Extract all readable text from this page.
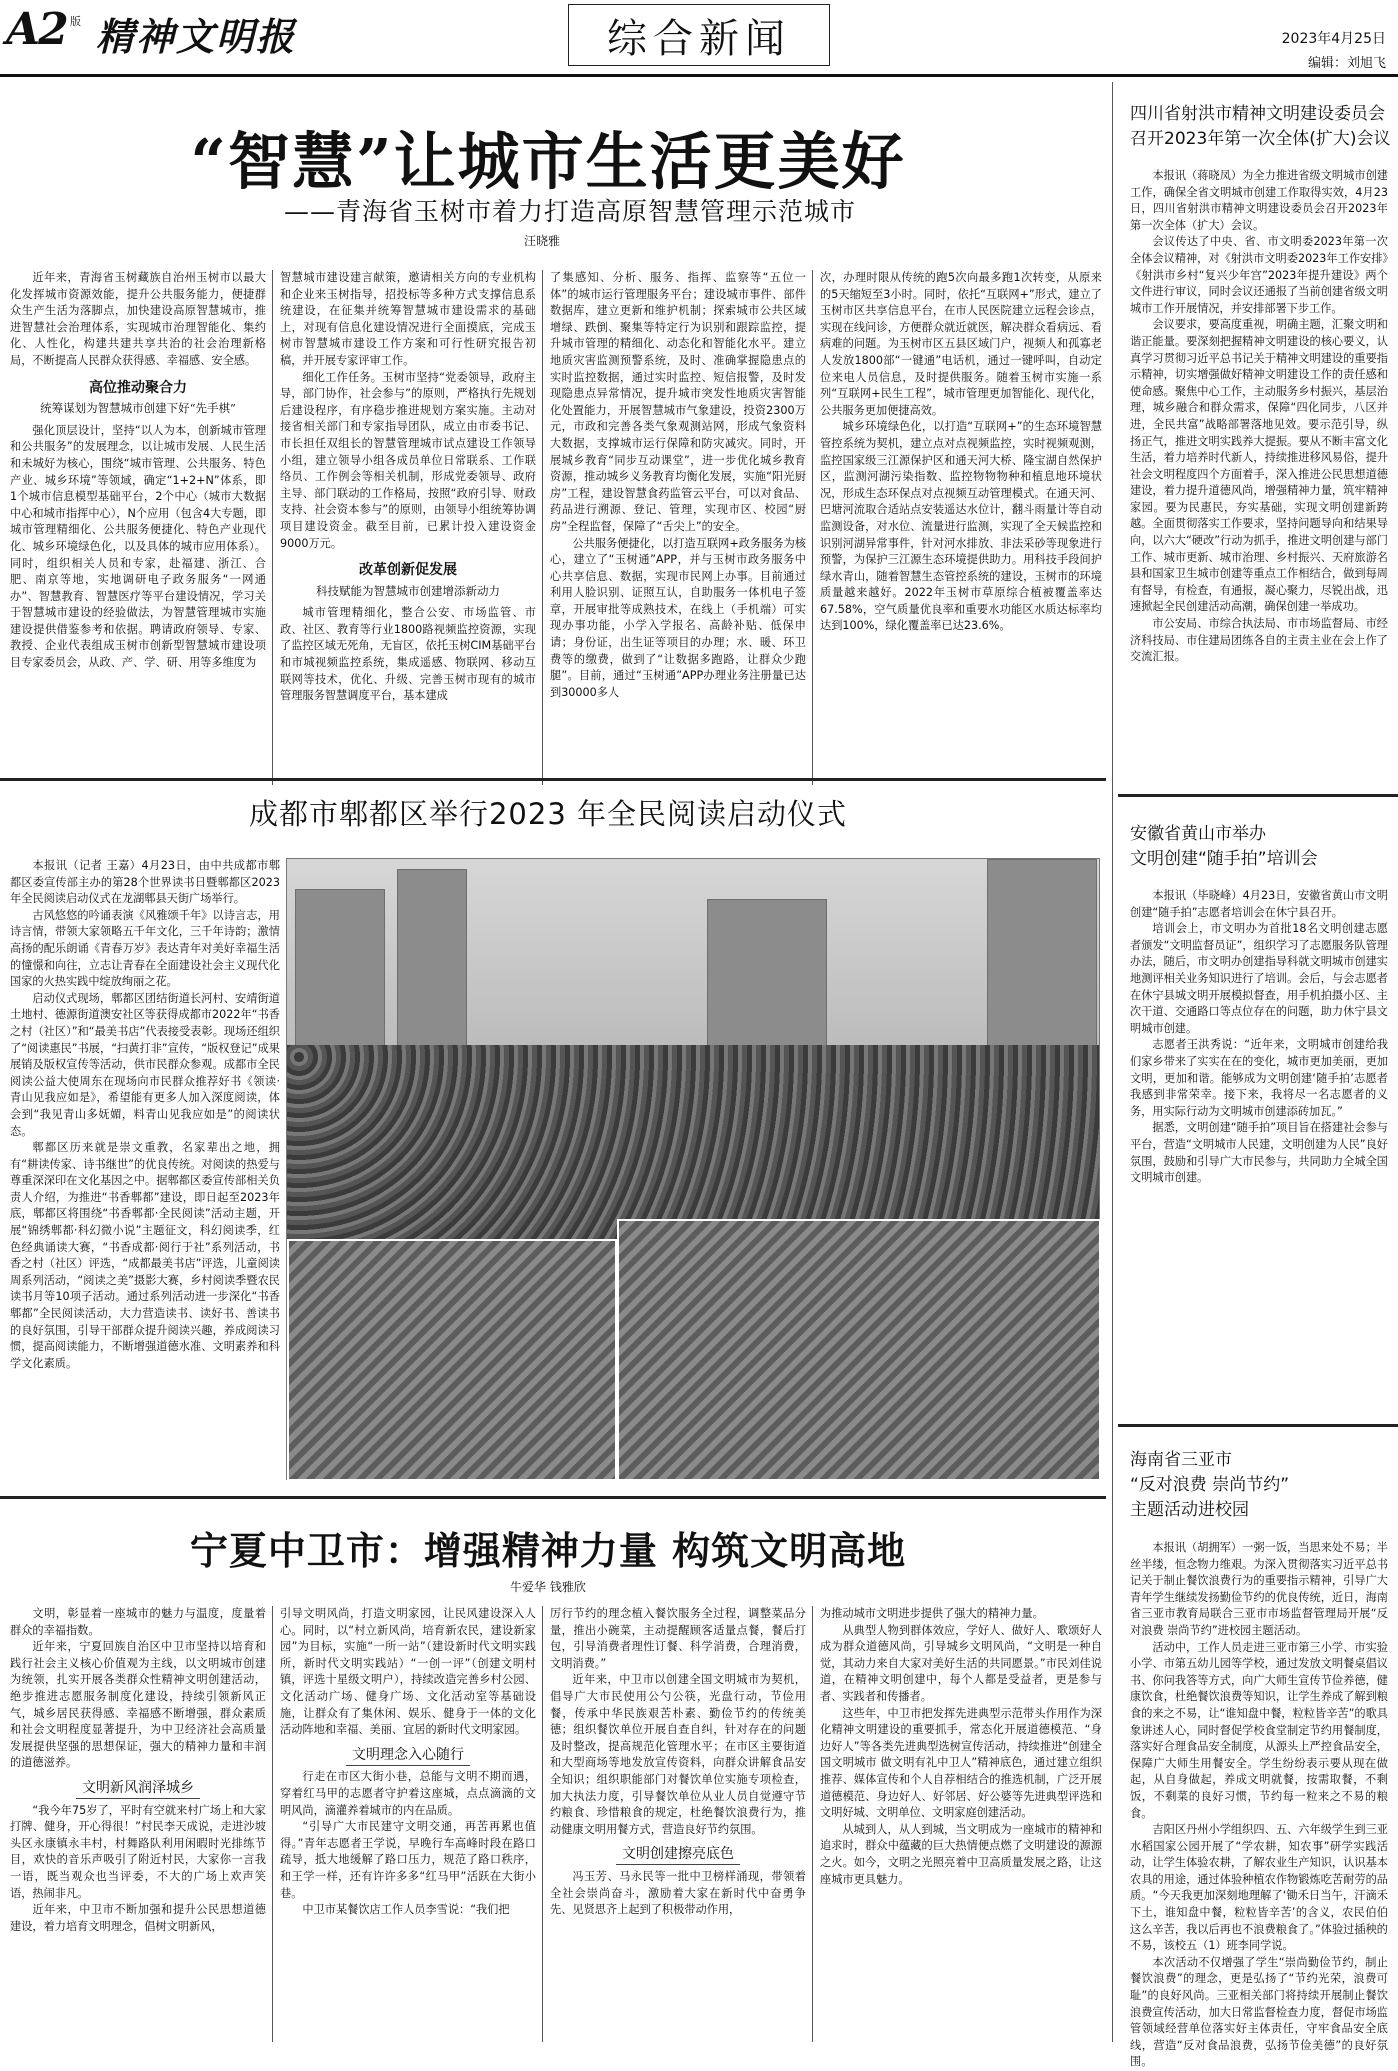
A2 版 精神文明报	综合新闻	2023年4月25日
编辑：刘旭飞
“智慧”让城市生活更美好
——青海省玉树市着力打造高原智慧管理示范城市
汪晓雅

近年来，青海省玉树藏族自治州玉树市以最大化发挥城市资源效能，提升公共服务能力，便捷群众生产生活为落脚点，加快建设高原智慧城市，推进智慧社会治理体系，实现城市治理智能化、集约化、人性化，构建共建共享共治的社会治理新格局，不断提高人民群众获得感、幸福感、安全感。

高位推动聚合力

统筹谋划为智慧城市创建下好“先手棋”

强化顶层设计，坚持“以人为本，创新城市管理和公共服务”的发展理念，以让城市发展、人民生活和未城好为核心，围绕“城市管理、公共服务、特色产业、城乡环境”等领域，确定“1+2+N”体系，即1个城市信息模型基础平台，2个中心（城市大数据中心和城市指挥中心），N个应用（包含4大专题，即城市管理精细化、公共服务便捷化、特色产业现代化、城乡环境绿色化，以及具体的城市应用体系）。同时，组织相关人员和专家，赴福建、浙江、合肥、南京等地，实地调研电子政务服务“一网通办”、智慧教育、智慧医疗等平台建设情况，学习关于智慧城市建设的经验做法，为智慧管理城市实施建设提供借鉴参考和依据。聘请政府领导、专家、教授、企业代表组成玉树市创新型智慧城市建设项目专家委员会，从政、产、学、研、用等多维度为

智慧城市建设建言献策，邀请相关方向的专业机构和企业来玉树指导，招投标等多种方式支撑信息系统建设，在征集并统筹智慧城市建设需求的基础上，对现有信息化建设情况进行全面摸底，完成玉树市智慧城市建设工作方案和可行性研究报告初稿，并开展专家评审工作。

细化工作任务。玉树市坚持“党委领导，政府主导，部门协作，社会参与”的原则，严格执行先规划后建设程序，有序稳步推进规划方案实施。主动对接省相关部门和专家指导团队，成立由市委书记、市长担任双组长的智慧管理城市试点建设工作领导小组，建立领导小组各成员单位日常联系、工作联络员、工作例会等相关机制，形成党委领导、政府主导、部门联动的工作格局，按照“政府引导、财政支持、社会资本参与”的原则，由领导小组统筹协调项目建设资金。截至目前，已累计投入建设资金9000万元。

改革创新促发展

科技赋能为智慧城市创建增添新动力

城市管理精细化，整合公安、市场监管、市政、社区、教育等行业1800路视频监控资源，实现了监控区域无死角，无盲区，依托玉树CIM基础平台和市城视频监控系统，集成遥感、物联网、移动互联网等技术，优化、升级、完善玉树市现有的城市管理服务智慧调度平台，基本建成

了集感知、分析、服务、指挥、监察等“五位一体”的城市运行管理服务平台；建设城市事件、部件数据库，建立更新和维护机制；探索城市公共区域增绿、跌倒、聚集等特定行为识别和跟踪监控，提升城市管理的精细化、动态化和智能化水平。建立地质灾害监测预警系统，及时、准确掌握隐患点的实时监控数据，通过实时监控、短信报警，及时发现隐患点异常情况，提升城市突发性地质灾害智能化处置能力，开展智慧城市气象建设，投资2300万元，市政和完善各类气象观测站网，形成气象资料大数据，支撑城市运行保障和防灾减灾。同时，开展城乡教育“同步互动课堂”，进一步优化城乡教育资源，推动城乡义务教育均衡化发展，实施“阳光厨房”工程，建设智慧食药监管云平台，可以对食品、药品进行溯源、登记、管理，实现市区、校园“厨房”全程监督，保障了“舌尖上”的安全。

公共服务便捷化，以打造互联网+政务服务为核心，建立了“玉树通”APP，并与玉树市政务服务中心共享信息、数据，实现市民网上办事。目前通过利用人脸识别、证照互认，自助服务一体机电子签章，开展审批等成熟技术，在线上（手机端）可实现办事功能，小学入学报名、高龄补贴、低保申请；身份证，出生证等项目的办理；水、暖、环卫费等的缴费，做到了“让数据多跑路，让群众少跑腿”。目前，通过“玉树通”APP办理业务注册量已达到30000多人

次，办理时限从传统的跑5次向最多跑1次转变，从原来的5天缩短至3小时。同时，依托“互联网+”形式，建立了玉树市区共享信息平台，在市人民医院建立远程会诊点，实现在线问诊，方便群众就近就医，解决群众看病远、看病难的问题。为玉树市区五县区域门户，视频人和孤寡老人发放1800部“一键通”电话机，通过一键呼叫，自动定位来电人员信息，及时提供服务。随着玉树市实施一系列“互联网+民生工程”，城市管理更加智能化、现代化，公共服务更加便捷高效。

城乡环境绿色化，以打造“互联网+”的生态环境智慧管控系统为契机，建立点对点视频监控，实时视频观测，监控国家级三江源保护区和通天河大桥、隆宝湖自然保护区，监测河湖污染指数、监控物物物种和植息地环境状况，形成生态环保点对点视频互动管理模式。在通天河、巴塘河流取合适站点安装遥达水位计，翻斗雨量计等自动监测设备，对水位、流量进行监测，实现了全天候监控和识别河湖异常事件，针对河水排放、非法采砂等现象进行预警，为保护三江源生态环境提供助力。用科技手段间护绿水青山，随着智慧生态管控系统的建设，玉树市的环境质量越来越好。2022年玉树市草原综合植被覆盖率达67.58%，空气质量优良率和重要水功能区水质达标率均达到100%，绿化覆盖率已达23.6%。

成都市郫都区举行2023 年全民阅读启动仪式

本报讯（记者 王嘉）4月23日，由中共成都市郫都区委宣传部主办的第28个世界读书日暨郫都区2023年全民阅读启动仪式在龙湖郫县天街广场举行。

古风悠悠的吟诵表演《风雅颂千年》以诗言志，用诗言情，带领大家领略五千年文化，三千年诗韵；激情高扬的配乐朗诵《青春万岁》表达青年对美好幸福生活的憧憬和向往，立志让青春在全面建设社会主义现代化国家的火热实践中绽放绚丽之花。

启动仪式现场，郫都区团结街道长河村、安靖街道土地村、德源街道澳安社区等获得成都市2022年“书香之村（社区）”和“最美书店”代表接受表彰。现场还组织了“阅读惠民”书展，“扫黄打非”宣传，“版权登记”成果展销及版权宣传等活动，供市民群众参观。成都市全民阅读公益大使周东在现场向市民群众推荐好书《领读·青山见我应如是》，希望能有更多人加入深度阅读，体会到“我见青山多妩媚，料青山见我应如是”的阅读状态。

郫都区历来就是崇文重教，名家辈出之地，拥有“耕读传家、诗书继世”的优良传统。对阅读的热爱与尊重深深印在文化基因之中。据郫都区委宣传部相关负责人介绍，为推进“书香郫都”建设，即日起至2023年底，郫都区将围绕“书香郫都·全民阅读”活动主题，开展“锦绣郫都·科幻微小说”主题征文，科幻阅读季，红色经典诵读大赛，“书香成都·阅行于社”系列活动，书香之村（社区）评选，“成都最美书店”评选，儿童阅读周系列活动，“阅读之美”摄影大赛，乡村阅读季暨农民读书月等10项子活动。通过系列活动进一步深化“书香郫都”全民阅读活动，大力营造读书、读好书、善读书的良好氛围，引导干部群众提升阅读兴趣，养成阅读习惯，提高阅读能力，不断增强道德水准、文明素养和科学文化素质。

宁夏中卫市：增强精神力量 构筑文明高地
牛爱华 钱雅欣

文明，彰显着一座城市的魅力与温度，度量着群众的幸福指数。

近年来，宁夏回族自治区中卫市坚持以培育和践行社会主义核心价值观为主线，以文明城市创建为统领，扎实开展各类群众性精神文明创建活动，绝步推进志愿服务制度化建设，持续引领新风正气，城乡居民获得感、幸福感不断增强，群众素质和社会文明程度显著提升，为中卫经济社会高质量发展提供坚强的思想保证，强大的精神力量和丰润的道德滋养。

文明新风润泽城乡

“我今年75岁了，平时有空就来村广场上和大家打牌、健身，开心得很！”村民李天成说，走进沙坡头区永康镇永丰村，村舞路队利用闲暇时光排练节目，欢快的音乐声吸引了附近村民，大家你一言我一语，既当观众也当评委，不大的广场上欢声笑语，热闹非凡。

近年来，中卫市不断加强和提升公民思想道德建设，着力培育文明理念，倡树文明新风，

引导文明风尚，打造文明家园，让民风建设深入人心。同时，以“村立新风尚，培育新农民，建设新家园”为目标，实施“一所一站”（建设新时代文明实践所，新时代文明实践站）“一创一评”（创建文明村镇，评选十星级文明户），持续改造完善乡村公园、文化活动广场、健身广场、文化活动室等基础设施，让群众有了集休闲、娱乐、健身于一体的文化活动阵地和幸福、美丽、宜居的新时代文明家园。

文明理念入心随行

行走在市区大街小巷，总能与文明不期而遇，穿着红马甲的志愿者守护着这座城，点点滴滴的文明风尚，滴灌养着城市的内在品质。

“引导广大市民建守文明交通，再苦再累也值得。”青年志愿者王学说，早晚行车高峰时段在路口疏导，抵大地缓解了路口压力，规范了路口秩序，和王学一样，还有许许多多“红马甲”活跃在大街小巷。

中卫市某餐饮店工作人员李雪说：“我们把

厉行节约的理念植入餐饮服务全过程，调整菜品分量，推出小碗菜，主动提醒顾客适量点餐，餐后打包，引导消费者理性订餐、科学消费，合理消费，文明消费。”

近年来，中卫市以创建全国文明城市为契机，倡导广大市民使用公勺公筷，光盘行动，节俭用餐，传承中华民族艰苦朴素、勤俭节约的传统美德；组织餐饮单位开展自查自纠，针对存在的问题及时整改，提高规范化管理水平；在市区主要街道和大型商场等地发放宣传资料，向群众讲解食品安全知识；组织职能部门对餐饮单位实施专项检查，加大执法力度，引导餐饮单位从业人员自觉遵守节约粮食、珍惜粮食的规定，杜绝餐饮浪费行为，推动健康文明用餐方式，营造良好节约氛围。

文明创建擦亮底色

冯玉芳、马永民等一批中卫榜样涌现，带领着全社会崇尚奋斗，激励着大家在新时代中奋勇争先、见贤思齐上起到了积极带动作用，

为推动城市文明进步提供了强大的精神力量。

从典型人物到群体效应，学好人、做好人、歌颂好人成为群众道德风尚，引导城乡文明风尚，“文明是一种自觉，其动力来自大家对美好生活的共同愿景。”市民刘佳说道，在精神文明创建中，每个人都是受益者，更是参与者、实践者和传播者。

这些年，中卫市把发挥先进典型示范带头作用作为深化精神文明建设的重要抓手，常态化开展道德模范、“身边好人”等各类先进典型选树宣传活动，持续推进“创建全国文明城市 做文明有礼中卫人”精神底色，通过建立组织推荐、媒体宣传和个人自荐相结合的推选机制，广泛开展道德模范、身边好人、好邻居、好公婆等先进典型评选和文明好城、文明单位、文明家庭创建活动。

从城到人，从人到城，当文明成为一座城市的精神和追求时，群众中蕴藏的巨大热情便点燃了文明建设的源源之火。如今，文明之光照亮着中卫高质量发展之路，让这座城市更具魅力。

四川省射洪市精神文明建设委员会
召开2023年第一次全体(扩大)会议

本报讯（蒋晓凤）为全力推进省级文明城市创建工作，确保全省文明城市创建工作取得实效，4月23日，四川省射洪市精神文明建设委员会召开2023年第一次全体（扩大）会议。

会议传达了中央、省、市文明委2023年第一次全体会议精神，对《射洪市文明委2023年工作安排》《射洪市乡村“复兴少年宫”2023年提升建设》两个文件进行审议，同时会议还通报了当前创建省级文明城市工作开展情况，并安排部署下步工作。

会议要求，要高度重视，明确主题，汇聚文明和谐正能量。要深刻把握精神文明建设的核心要义，认真学习贯彻习近平总书记关于精神文明建设的重要指示精神，切实增强做好精神文明建设工作的责任感和使命感。聚焦中心工作，主动服务乡村振兴，基层治理，城乡融合和群众需求，保障“四化同步，八区并进，全民共富”战略部署落地见效。要示范引导，纵扬正气，推进文明实践养大提振。要从不断丰富文化生活，着力培养时代新人，持续推进移风易俗，提升社会文明程度四个方面着手，深入推进公民思想道德建设，着力提升道德风尚，增强精神力量，筑牢精神家园。要为民惠民，夯实基础，实现文明创建新跨越。全面贯彻落实工作要求，坚持问题导向和结果导向，以六大“硬改”行动为抓手，推进文明创建与部门工作、城市更新、城市治理、乡村振兴、天府旅游名县和国家卫生城市创建等重点工作相结合，做到每周有督导，有检查，有通报，凝心聚力，尽锐出战，迅速掀起全民创建活动高潮，确保创建一举成功。

市公安局、市综合执法局、市市场监督局、市经济科技局、市住建局团练各自的主责主业在会上作了交流汇报。

安徽省黄山市举办
文明创建“随手拍”培训会

本报讯（毕晓峰）4月23日，安徽省黄山市文明创建“随手拍”志愿者培训会在休宁县召开。

培训会上，市文明办为首批18名文明创建志愿者颁发“文明监督员证”，组织学习了志愿服务队管理办法，随后，市文明办创建指导科就文明城市创建实地测评相关业务知识进行了培训。会后，与会志愿者在休宁县城文明开展模拟督查，用手机拍摄小区、主次干道、交通路口等点位存在的问题，助力休宁县文明城市创建。

志愿者王洪秀说：“近年来，文明城市创建给我们家乡带来了实实在在的变化，城市更加美丽，更加文明，更加和谐。能够成为文明创建‘随手拍’志愿者我感到非常荣幸。接下来，我将尽一名志愿者的义务，用实际行动为文明城市创建添砖加瓦。”

据悉，文明创建“随手拍”项目旨在搭建社会参与平台，营造“文明城市人民建，文明创建为人民”良好氛围，鼓励和引导广大市民参与，共同助力全城全国文明城市创建。

海南省三亚市
“反对浪费 崇尚节约”
主题活动进校园

本报讯（胡拥军）一粥一饭，当思来处不易；半丝半缕，恒念物力维艰。为深入贯彻落实习近平总书记关于制止餐饮浪费行为的重要指示精神，引导广大青年学生继续发扬勤俭节约的优良传统，近日，海南省三亚市教育局联合三亚市市场监督管理局开展“反对浪费 崇尚节约”进校园主题活动。

活动中，工作人员走进三亚市第三小学、市实验小学、市第五幼儿园等学校，通过发放文明餐桌倡议书、你问我答等方式，向广大师生宣传节俭养德，健康饮食，杜绝餐饮浪费等知识，让学生养成了解到粮食的来之不易，让“谁知盘中餐，粒粒皆辛苦”的歌具象讲述人心，同时督促学校食堂制定节约用餐制度，落实好合理食品安全制度，从源头上严控食品安全，保障广大师生用餐安全。学生纷纷表示要从现在做起，从自身做起，养成文明就餐，按需取餐，不剩饭，不剩菜的良好习惯，节约每一粒来之不易的粮食。

吉阳区丹州小学组织四、五、六年级学生到三亚水稻国家公园开展了“学农耕，知农事”研学实践活动，让学生体验农耕，了解农业生产知识，认识基本农具的用途，通过体验种植农作物锻炼吃苦耐劳的品质。“今天我更加深刻地理解了‘锄禾日当午，汗滴禾下土，谁知盘中餐，粒粒皆辛苦’的含义，农民伯伯这么辛苦，我以后再也不浪费粮食了。”体验过插秧的不易，该校五（1）班李同学说。

本次活动不仅增强了学生“崇尚勤俭节约，制止餐饮浪费”的理念，更是弘扬了“节约光荣，浪费可耻”的良好风尚。三亚相关部门将持续开展制止餐饮浪费宣传活动，加大日常监督检查力度，督促市场监管领域经营单位落实好主体责任，守牢食品安全底线，营造“反对食品浪费，弘扬节俭美德”的良好氛围。
